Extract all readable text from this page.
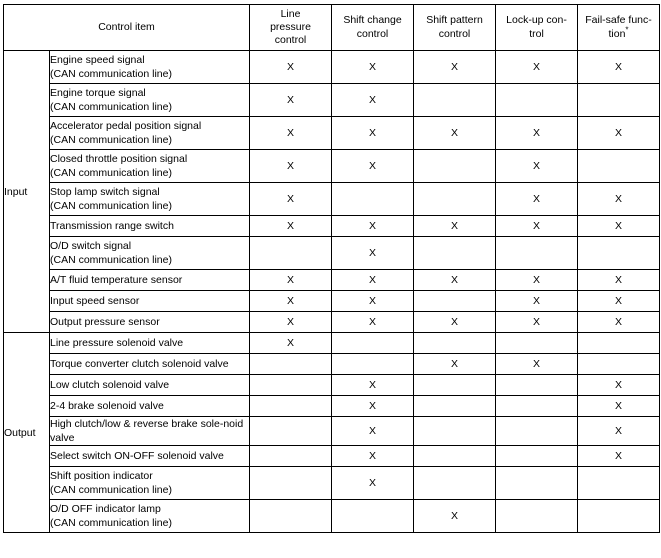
Control item	
Line
pressure
control

Shift change
control

Shift pattern
control

Lock-up con-
trol

Fail-safe func-
tion*

Input	Engine speed signal
(CAN communication line)	X	X	X	X	X

	Engine torque signal
(CAN communication line)	X	X			

	Accelerator pedal position signal
(CAN communication line)	X	X	X	X	X

	Closed throttle position signal
(CAN communication line)	X	X		X	

	Stop lamp switch signal
(CAN communication line)	X			X	X

	Transmission range switch	X	X	X	X	X

	O/D switch signal
(CAN communication line)		X			

	A/T fluid temperature sensor	X	X	X	X	X

	Input speed sensor	X	X		X	X

	Output pressure sensor	X	X	X	X	X
Output	Line pressure solenoid valve	X				

	Torque converter clutch solenoid valve			X	X	

	Low clutch solenoid valve		X			X

	2-4 brake solenoid valve		X			X

	High clutch/low & reverse brake sole-noid valve		X			X

	Select switch ON-OFF solenoid valve		X			X

	Shift position indicator
(CAN communication line)		X			

	O/D OFF indicator lamp
(CAN communication line)			X		
